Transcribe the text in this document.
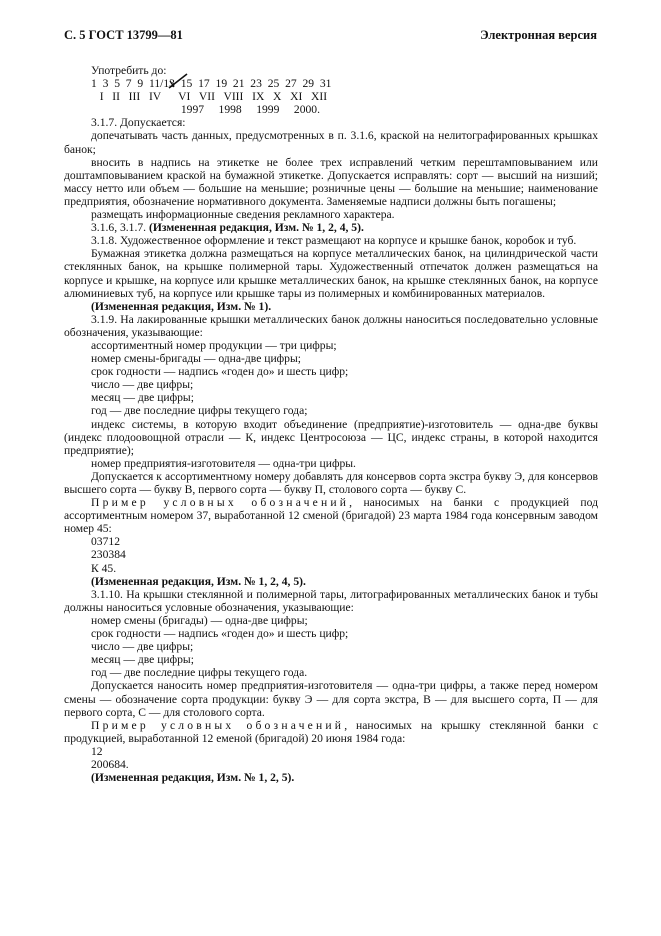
С. 5 ГОСТ 13799—81	Электронная версия
Употребить до:
1  3  5  7  9  11/13  15  17  19  21  23  25  27  29  31
I   II   III   IV      VI   VII   VIII   IX   X   XI   XII
1997     1998     1999     2000.

3.1.7. Допускается:

допечатывать часть данных, предусмотренных в п. 3.1.6, краской на нелитографированных крышках банок;

вносить в надпись на этикетке не более трех исправлений четким перештамповыванием или доштамповыванием краской на бумажной этикетке. Допускается исправлять: сорт — высший на низший; массу нетто или объем — большие на меньшие; розничные цены — большие на меньшие; наименование предприятия, обозначение нормативного документа. Заменяемые надписи должны быть погашены;

размещать информационные сведения рекламного характера.

3.1.6, 3.1.7. (Измененная редакция, Изм. № 1, 2, 4, 5).

3.1.8. Художественное оформление и текст размещают на корпусе и крышке банок, коробок и туб.

Бумажная этикетка должна размещаться на корпусе металлических банок, на цилиндрической части стеклянных банок, на крышке полимерной тары. Художественный отпечаток должен размещаться на корпусе и крышке, на корпусе или крышке металлических банок, на крышке стеклянных банок, на корпусе алюминиевых туб, на корпусе или крышке тары из полимерных и комбинированных материалов.

(Измененная редакция, Изм. № 1).

3.1.9. На лакированные крышки металлических банок должны наноситься последовательно условные обозначения, указывающие:

ассортиментный номер продукции — три цифры;

номер смены-бригады — одна-две цифры;

срок годности — надпись «годен до» и шесть цифр;

число — две цифры;

месяц — две цифры;

год — две последние цифры текущего года;

индекс системы, в которую входит объединение (предприятие)-изготовитель — одна-две буквы (индекс плодоовощной отрасли — К, индекс Центросоюза — ЦС, индекс страны, в которой находится предприятие);

номер предприятия-изготовителя — одна-три цифры.

Допускается к ассортиментному номеру добавлять для консервов сорта экстра букву Э, для консервов высшего сорта — букву В, первого сорта — букву П, столового сорта — букву С.

Пример условных обозначений, наносимых на банки с продукцией под ассортиментным номером 37, выработанной 12 сменой (бригадой) 23 марта 1984 года консервным заводом номер 45:

03712

230384

К 45.

(Измененная редакция, Изм. № 1, 2, 4, 5).

3.1.10. На крышки стеклянной и полимерной тары, литографированных металлических банок и тубы должны наноситься условные обозначения, указывающие:

номер смены (бригады) — одна-две цифры;

срок годности — надпись «годен до» и шесть цифр;

число — две цифры;

месяц — две цифры;

год — две последние цифры текущего года.

Допускается наносить номер предприятия-изготовителя — одна-три цифры, а также перед номером смены — обозначение сорта продукции: букву Э — для сорта экстра, В — для высшего сорта, П — для первого сорта, С — для столового сорта.

Пример условных обозначений, наносимых на крышку стеклянной банки с продукцией, выработанной 12 еменой (бригадой) 20 июня 1984 года:

12

200684.

(Измененная редакция, Изм. № 1, 2, 5).
